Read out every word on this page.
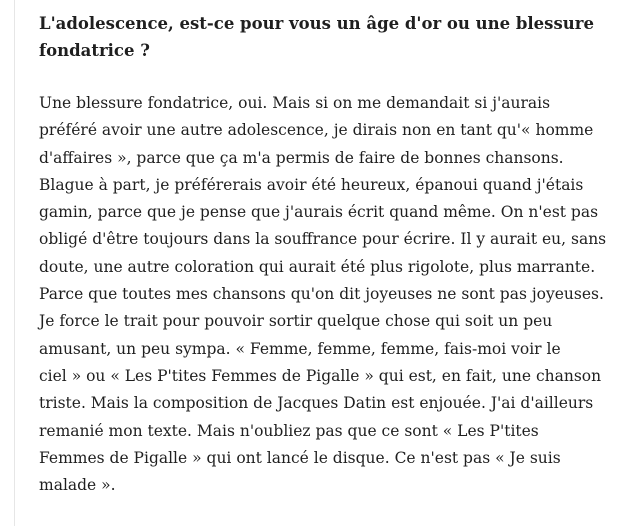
L'adolescence, est-ce pour vous un âge d'or ou une blessure
fondatrice ?

Une blessure fondatrice, oui. Mais si on me demandait si j'aurais
préféré avoir une autre adolescence, je dirais non en tant qu'« homme
d'affaires », parce que ça m'a permis de faire de bonnes chansons.
Blague à part, je préférerais avoir été heureux, épanoui quand j'étais
gamin, parce que je pense que j'aurais écrit quand même. On n'est pas
obligé d'être toujours dans la souffrance pour écrire. Il y aurait eu, sans
doute, une autre coloration qui aurait été plus rigolote, plus marrante.
Parce que toutes mes chansons qu'on dit joyeuses ne sont pas joyeuses.
Je force le trait pour pouvoir sortir quelque chose qui soit un peu
amusant, un peu sympa. « Femme, femme, femme, fais-moi voir le
ciel » ou « Les P'tites Femmes de Pigalle » qui est, en fait, une chanson
triste. Mais la composition de Jacques Datin est enjouée. J'ai d'ailleurs
remanié mon texte. Mais n'oubliez pas que ce sont « Les P'tites
Femmes de Pigalle » qui ont lancé le disque. Ce n'est pas « Je suis
malade ».
